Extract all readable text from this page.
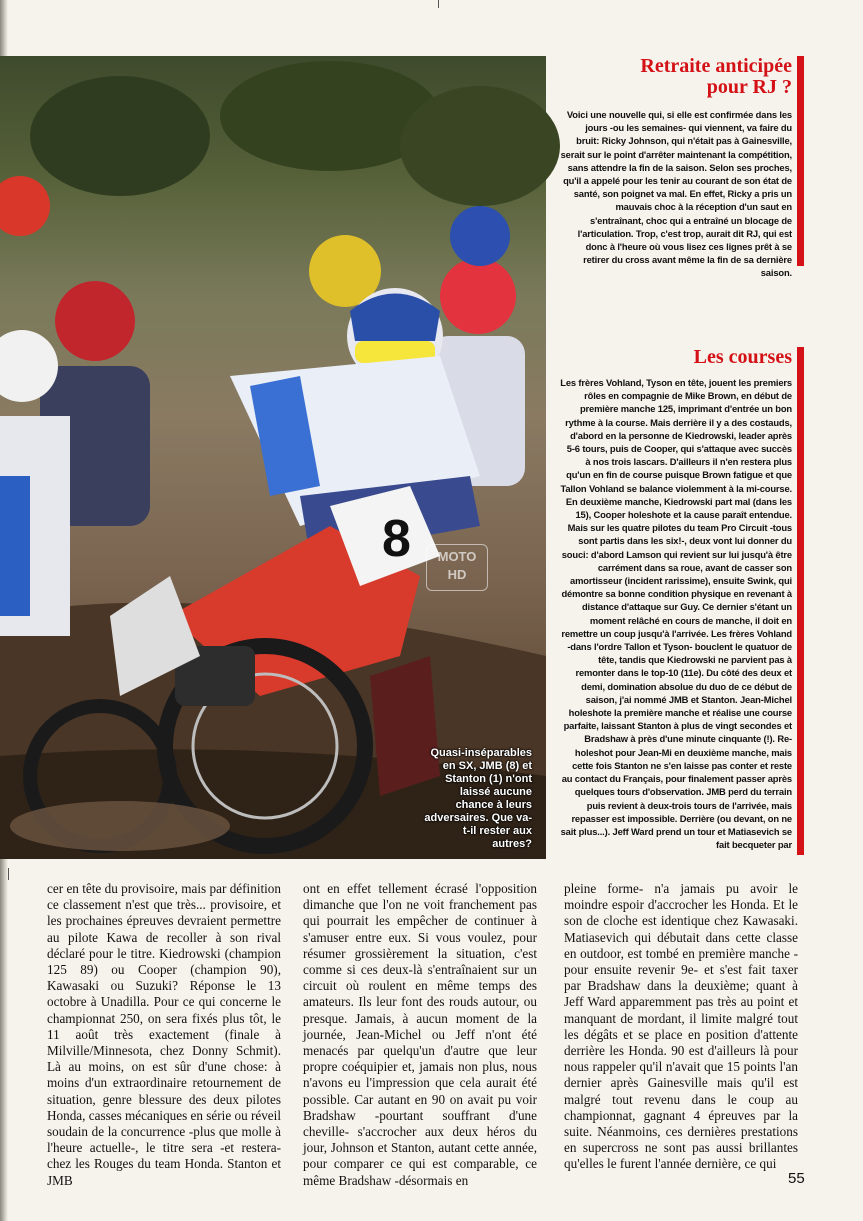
8	MOTO
HD
Quasi-inséparables en SX, JMB (8) et Stanton (1) n'ont laissé aucune chance à leurs adversaires. Que va-t-il rester aux autres?
Retraite anticipée
pour RJ ?

Voici une nouvelle qui, si elle est confirmée dans les jours -ou les semaines- qui viennent, va faire du bruit: Ricky Johnson, qui n'était pas à Gainesville, serait sur le point d'arrêter maintenant la compétition, sans attendre la fin de la saison. Selon ses proches, qu'il a appelé pour les tenir au courant de son état de santé, son poignet va mal. En effet, Ricky a pris un mauvais choc à la réception d'un saut en s'entraînant, choc qui a entraîné un blocage de l'articulation. Trop, c'est trop, aurait dit RJ, qui est donc à l'heure où vous lisez ces lignes prêt à se retirer du cross avant même la fin de sa dernière saison.

Les courses

Les frères Vohland, Tyson en tête, jouent les premiers rôles en compagnie de Mike Brown, en début de première manche 125, imprimant d'entrée un bon rythme à la course. Mais derrière il y a des costauds, d'abord en la personne de Kiedrowski, leader après 5-6 tours, puis de Cooper, qui s'attaque avec succès à nos trois lascars. D'ailleurs il n'en restera plus qu'un en fin de course puisque Brown fatigue et que Tallon Vohland se balance violemment à la mi-course. En deuxième manche, Kiedrowski part mal (dans les 15), Cooper holeshote et la cause paraît entendue. Mais sur les quatre pilotes du team Pro Circuit -tous sont partis dans les six!-, deux vont lui donner du souci: d'abord Lamson qui revient sur lui jusqu'à être carrément dans sa roue, avant de casser son amortisseur (incident rarissime), ensuite Swink, qui démontre sa bonne condition physique en revenant à distance d'attaque sur Guy. Ce dernier s'étant un moment relâché en cours de manche, il doit en remettre un coup jusqu'à l'arrivée. Les frères Vohland -dans l'ordre Tallon et Tyson- bouclent le quatuor de tête, tandis que Kiedrowski ne parvient pas à remonter dans le top-10 (11e). Du côté des deux et demi, domination absolue du duo de ce début de saison, j'ai nommé JMB et Stanton. Jean-Michel holeshote la première manche et réalise une course parfaite, laissant Stanton à plus de vingt secondes et Bradshaw à près d'une minute cinquante (!). Re-holeshot pour Jean-Mi en deuxième manche, mais cette fois Stanton ne s'en laisse pas conter et reste au contact du Français, pour finalement passer après quelques tours d'observation. JMB perd du terrain puis revient à deux-trois tours de l'arrivée, mais repasser est impossible. Derrière (ou devant, on ne sait plus...). Jeff Ward prend un tour et Matiasevich se fait becqueter par

cer en tête du provisoire, mais par définition ce classement n'est que très... provisoire, et les prochaines épreuves devraient permettre au pilote Kawa de recoller à son rival déclaré pour le titre. Kiedrowski (champion 125 89) ou Cooper (champion 90), Kawasaki ou Suzuki? Réponse le 13 octobre à Unadilla. Pour ce qui concerne le championnat 250, on sera fixés plus tôt, le 11 août très exactement (finale à Milville/Minnesota, chez Donny Schmit). Là au moins, on est sûr d'une chose: à moins d'un extraordinaire retournement de situation, genre blessure des deux pilotes Honda, casses mécaniques en série ou réveil soudain de la concurrence -plus que molle à l'heure actuelle-, le titre sera -et restera- chez les Rouges du team Honda. Stanton et JMB

ont en effet tellement écrasé l'opposition dimanche que l'on ne voit franchement pas qui pourrait les empêcher de continuer à s'amuser entre eux. Si vous voulez, pour résumer grossièrement la situation, c'est comme si ces deux-là s'entraînaient sur un circuit où roulent en même temps des amateurs. Ils leur font des rouds autour, ou presque. Jamais, à aucun moment de la journée, Jean-Michel ou Jeff n'ont été menacés par quelqu'un d'autre que leur propre coéquipier et, jamais non plus, nous n'avons eu l'impression que cela aurait été possible. Car autant en 90 on avait pu voir Bradshaw -pourtant souffrant d'une cheville- s'accrocher aux deux héros du jour, Johnson et Stanton, autant cette année, pour comparer ce qui est comparable, ce même Bradshaw -désormais en

pleine forme- n'a jamais pu avoir le moindre espoir d'accrocher les Honda. Et le son de cloche est identique chez Kawasaki. Matiasevich qui débutait dans cette classe en outdoor, est tombé en première manche -pour ensuite revenir 9e- et s'est fait taxer par Bradshaw dans la deuxième; quant à Jeff Ward apparemment pas très au point et manquant de mordant, il limite malgré tout les dégâts et se place en position d'attente derrière les Honda. 90 est d'ailleurs là pour nous rappeler qu'il n'avait que 15 points l'an dernier après Gainesville mais qu'il est malgré tout revenu dans le coup au championnat, gagnant 4 épreuves par la suite. Néanmoins, ces dernières prestations en supercross ne sont pas aussi brillantes qu'elles le furent l'année dernière, ce qui

55
